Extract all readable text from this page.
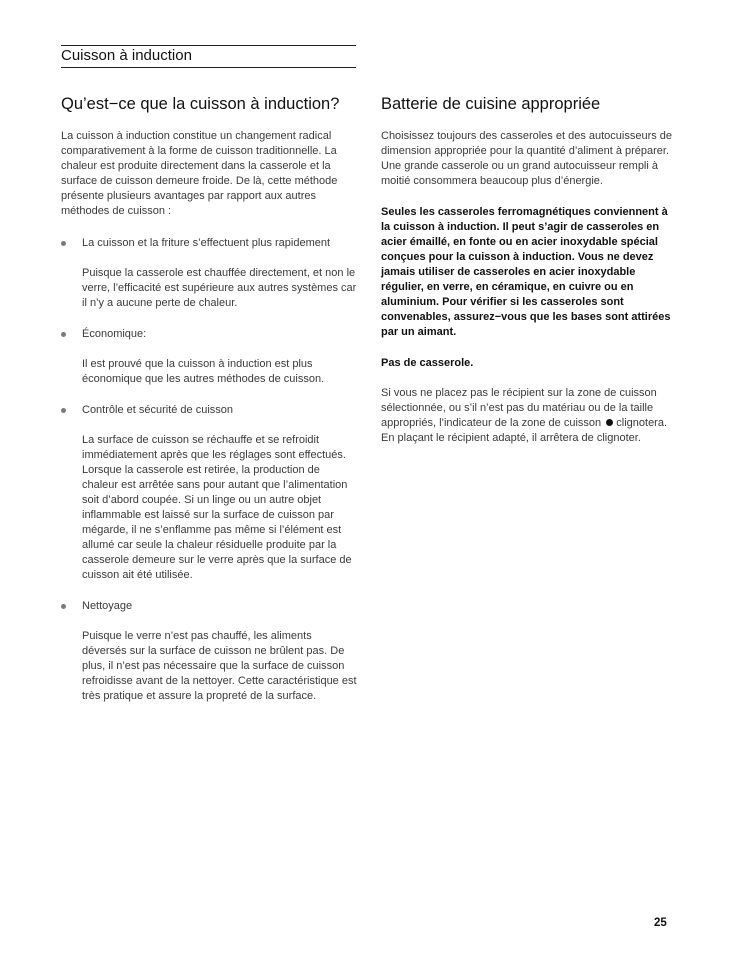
Cuisson à induction
Qu’est−ce que la cuisson à induction?

La cuisson à induction constitue un changement radical comparativement à la forme de cuisson traditionnelle. La chaleur est produite directement dans la casserole et la surface de cuisson demeure froide. De là, cette méthode présente plusieurs avantages par rapport aux autres méthodes de cuisson :

La cuisson et la friture s’effectuent plus rapidement
Puisque la casserole est chauffée directement, et non le verre, l’efficacité est supérieure aux autres systèmes car il n’y a aucune perte de chaleur.
Économique:
Il est prouvé que la cuisson à induction est plus économique que les autres méthodes de cuisson.
Contrôle et sécurité de cuisson
La surface de cuisson se réchauffe et se refroidit immédiatement après que les réglages sont effectués. Lorsque la casserole est retirée, la production de chaleur est arrêtée sans pour autant que l’alimentation soit d’abord coupée. Si un linge ou un autre objet inflammable est laissé sur la surface de cuisson par mégarde, il ne s’enflamme pas même si l’élément est allumé car seule la chaleur résiduelle produite par la casserole demeure sur le verre après que la surface de cuisson ait été utilisée.
Nettoyage
Puisque le verre n’est pas chauffé, les aliments déversés sur la surface de cuisson ne brûlent pas. De plus, il n’est pas nécessaire que la surface de cuisson refroidisse avant de la nettoyer. Cette caractéristique est très pratique et assure la propreté de la surface.
Batterie de cuisine appropriée

Choisissez toujours des casseroles et des autocuisseurs de dimension appropriée pour la quantité d’aliment à préparer. Une grande casserole ou un grand autocuisseur rempli à moitié consommera beaucoup plus d’énergie.

Seules les casseroles ferromagnétiques conviennent à la cuisson à induction. Il peut s’agir de casseroles en acier émaillé, en fonte ou en acier inoxydable spécial conçues pour la cuisson à induction. Vous ne devez jamais utiliser de casseroles en acier inoxydable régulier, en verre, en céramique, en cuivre ou en aluminium. Pour vérifier si les casseroles sont convenables, assurez−vous que les bases sont attirées par un aimant.

Pas de casserole.

Si vous ne placez pas le récipient sur la zone de cuisson sélectionnée, ou s’il n’est pas du matériau ou de la taille appropriés, l’indicateur de la zone de cuisson clignotera. En plaçant le récipient adapté, il arrêtera de clignoter.

25
